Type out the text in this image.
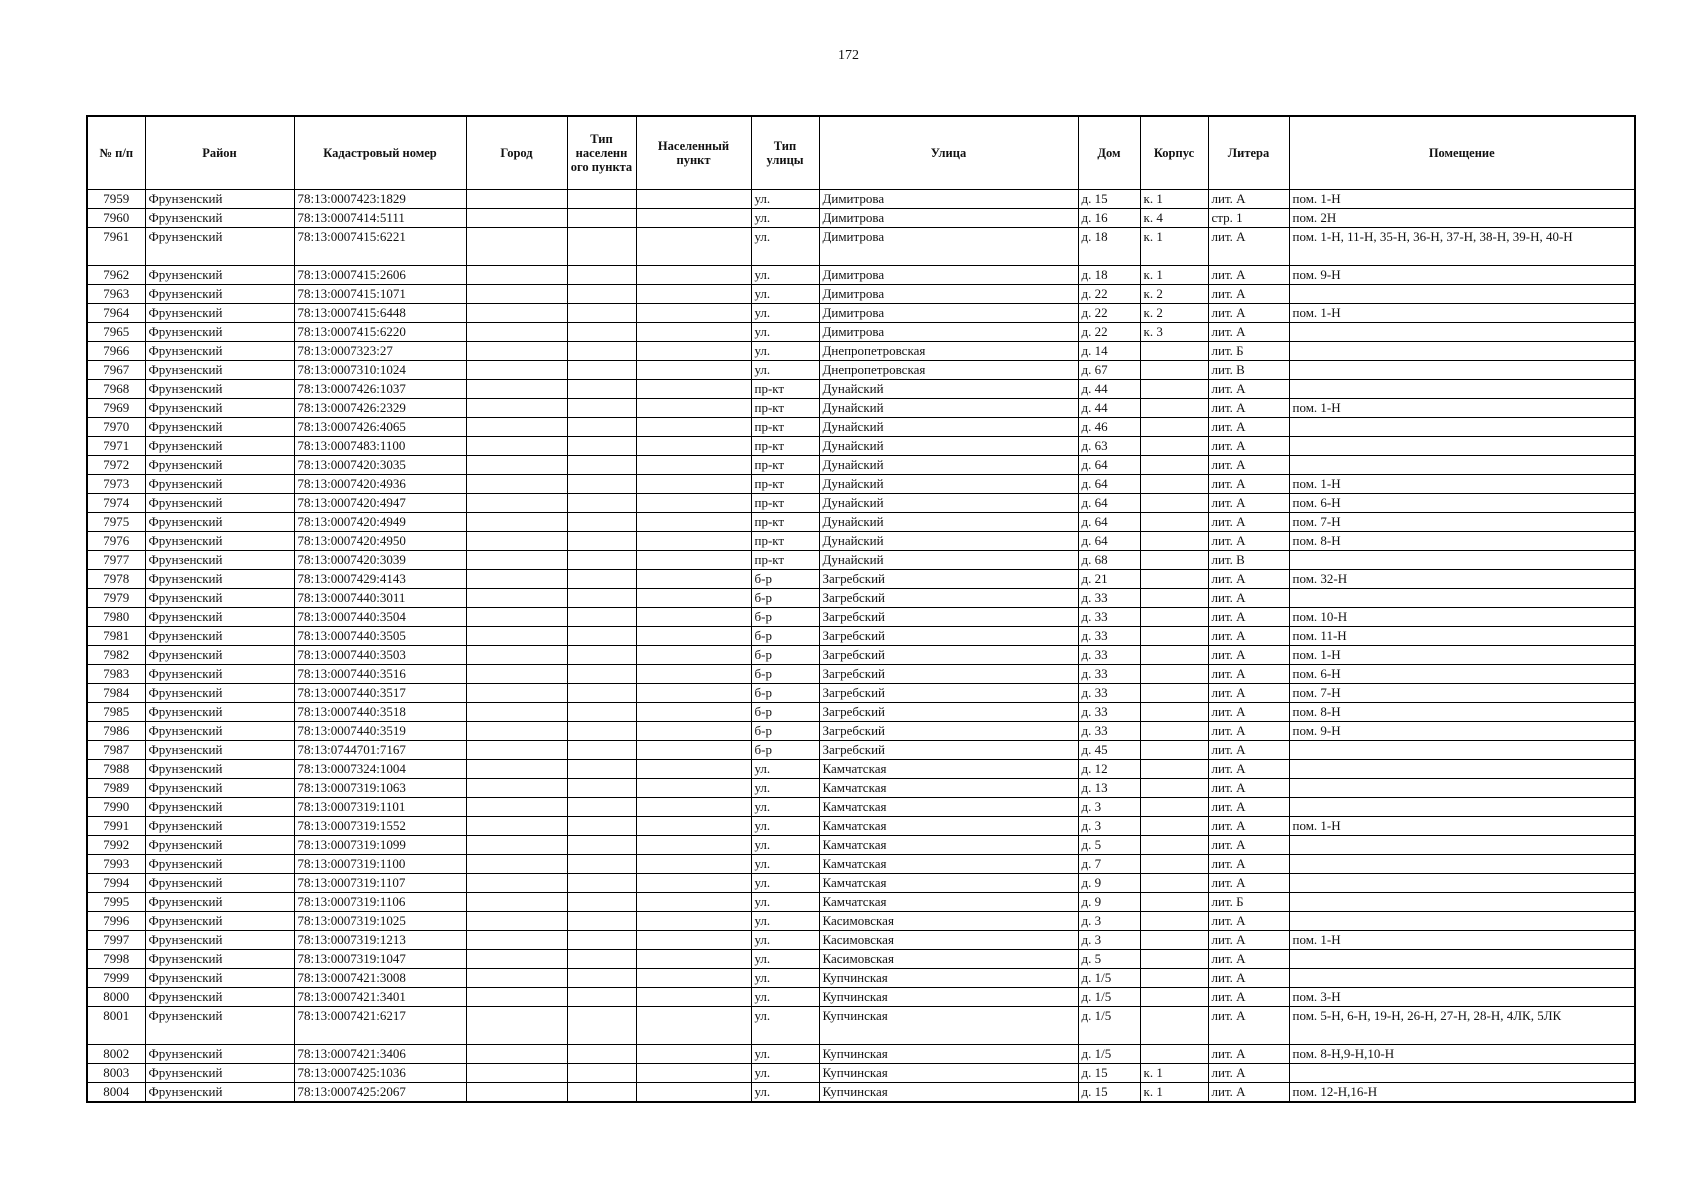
172
№ п/п	Район	Кадастровый номер	Город	Тип населенн ого пункта	Населенный пункт	Тип улицы	Улица	Дом	Корпус	Литера	Помещение
7959	Фрунзенский	78:13:0007423:1829				ул.	Димитрова	д. 15	к. 1	лит. А	пом. 1-Н
7960	Фрунзенский	78:13:0007414:5111				ул.	Димитрова	д. 16	к. 4	стр. 1	пом. 2Н
7961	Фрунзенский	78:13:0007415:6221				ул.	Димитрова	д. 18	к. 1	лит. А	пом. 1-Н, 11-Н, 35-Н, 36-Н, 37-Н, 38-Н, 39-Н, 40-Н
7962	Фрунзенский	78:13:0007415:2606				ул.	Димитрова	д. 18	к. 1	лит. А	пом. 9-Н
7963	Фрунзенский	78:13:0007415:1071				ул.	Димитрова	д. 22	к. 2	лит. А	
7964	Фрунзенский	78:13:0007415:6448				ул.	Димитрова	д. 22	к. 2	лит. А	пом. 1-Н
7965	Фрунзенский	78:13:0007415:6220				ул.	Димитрова	д. 22	к. 3	лит. А	
7966	Фрунзенский	78:13:0007323:27				ул.	Днепропетровская	д. 14		лит. Б	
7967	Фрунзенский	78:13:0007310:1024				ул.	Днепропетровская	д. 67		лит. В	
7968	Фрунзенский	78:13:0007426:1037				пр-кт	Дунайский	д. 44		лит. А	
7969	Фрунзенский	78:13:0007426:2329				пр-кт	Дунайский	д. 44		лит. А	пом. 1-Н
7970	Фрунзенский	78:13:0007426:4065				пр-кт	Дунайский	д. 46		лит. А	
7971	Фрунзенский	78:13:0007483:1100				пр-кт	Дунайский	д. 63		лит. А	
7972	Фрунзенский	78:13:0007420:3035				пр-кт	Дунайский	д. 64		лит. А	
7973	Фрунзенский	78:13:0007420:4936				пр-кт	Дунайский	д. 64		лит. А	пом. 1-Н
7974	Фрунзенский	78:13:0007420:4947				пр-кт	Дунайский	д. 64		лит. А	пом. 6-Н
7975	Фрунзенский	78:13:0007420:4949				пр-кт	Дунайский	д. 64		лит. А	пом. 7-Н
7976	Фрунзенский	78:13:0007420:4950				пр-кт	Дунайский	д. 64		лит. А	пом. 8-Н
7977	Фрунзенский	78:13:0007420:3039				пр-кт	Дунайский	д. 68		лит. В	
7978	Фрунзенский	78:13:0007429:4143				б-р	Загребский	д. 21		лит. А	пом. 32-Н
7979	Фрунзенский	78:13:0007440:3011				б-р	Загребский	д. 33		лит. А	
7980	Фрунзенский	78:13:0007440:3504				б-р	Загребский	д. 33		лит. А	пом. 10-Н
7981	Фрунзенский	78:13:0007440:3505				б-р	Загребский	д. 33		лит. А	пом. 11-Н
7982	Фрунзенский	78:13:0007440:3503				б-р	Загребский	д. 33		лит. А	пом. 1-Н
7983	Фрунзенский	78:13:0007440:3516				б-р	Загребский	д. 33		лит. А	пом. 6-Н
7984	Фрунзенский	78:13:0007440:3517				б-р	Загребский	д. 33		лит. А	пом. 7-Н
7985	Фрунзенский	78:13:0007440:3518				б-р	Загребский	д. 33		лит. А	пом. 8-Н
7986	Фрунзенский	78:13:0007440:3519				б-р	Загребский	д. 33		лит. А	пом. 9-Н
7987	Фрунзенский	78:13:0744701:7167				б-р	Загребский	д. 45		лит. А	
7988	Фрунзенский	78:13:0007324:1004				ул.	Камчатская	д. 12		лит. А	
7989	Фрунзенский	78:13:0007319:1063				ул.	Камчатская	д. 13		лит. А	
7990	Фрунзенский	78:13:0007319:1101				ул.	Камчатская	д. 3		лит. А	
7991	Фрунзенский	78:13:0007319:1552				ул.	Камчатская	д. 3		лит. А	пом. 1-Н
7992	Фрунзенский	78:13:0007319:1099				ул.	Камчатская	д. 5		лит. А	
7993	Фрунзенский	78:13:0007319:1100				ул.	Камчатская	д. 7		лит. А	
7994	Фрунзенский	78:13:0007319:1107				ул.	Камчатская	д. 9		лит. А	
7995	Фрунзенский	78:13:0007319:1106				ул.	Камчатская	д. 9		лит. Б	
7996	Фрунзенский	78:13:0007319:1025				ул.	Касимовская	д. 3		лит. А	
7997	Фрунзенский	78:13:0007319:1213				ул.	Касимовская	д. 3		лит. А	пом. 1-Н
7998	Фрунзенский	78:13:0007319:1047				ул.	Касимовская	д. 5		лит. А	
7999	Фрунзенский	78:13:0007421:3008				ул.	Купчинская	д. 1/5		лит. А	
8000	Фрунзенский	78:13:0007421:3401				ул.	Купчинская	д. 1/5		лит. А	пом. 3-Н
8001	Фрунзенский	78:13:0007421:6217				ул.	Купчинская	д. 1/5		лит. А	пом. 5-Н, 6-Н, 19-Н, 26-Н, 27-Н, 28-Н, 4ЛК, 5ЛК
8002	Фрунзенский	78:13:0007421:3406				ул.	Купчинская	д. 1/5		лит. А	пом. 8-Н,9-Н,10-Н
8003	Фрунзенский	78:13:0007425:1036				ул.	Купчинская	д. 15	к. 1	лит. А	
8004	Фрунзенский	78:13:0007425:2067				ул.	Купчинская	д. 15	к. 1	лит. А	пом. 12-Н,16-Н
